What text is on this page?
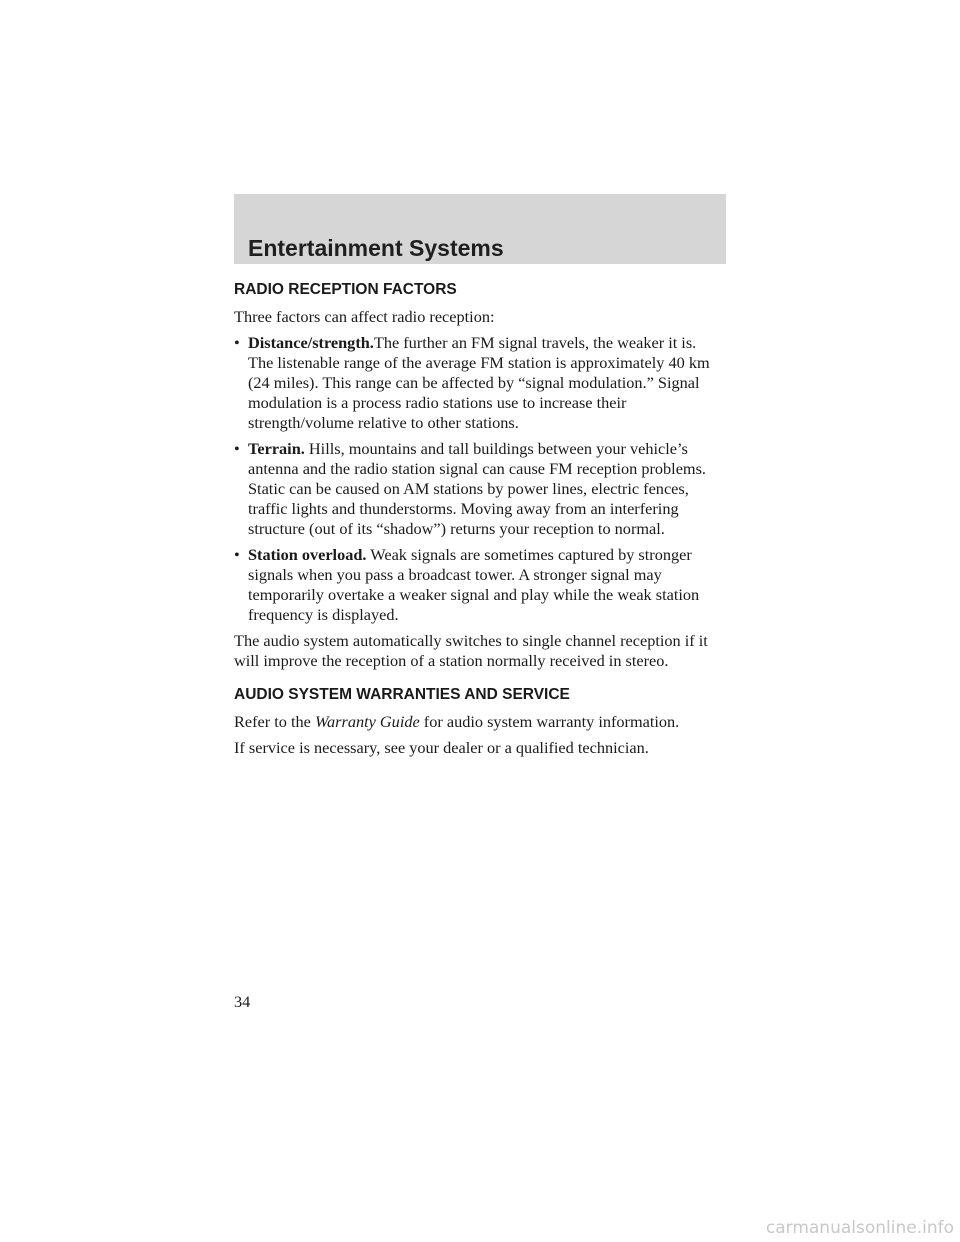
Entertainment Systems
RADIO RECEPTION FACTORS
Three factors can affect radio reception:
• Distance/strength.The further an FM signal travels, the weaker it is.
The listenable range of the average FM station is approximately 40 km
(24 miles). This range can be affected by “signal modulation.” Signal
modulation is a process radio stations use to increase their
strength/volume relative to other stations.
• Terrain. Hills, mountains and tall buildings between your vehicle’s
antenna and the radio station signal can cause FM reception problems.
Static can be caused on AM stations by power lines, electric fences,
traffic lights and thunderstorms. Moving away from an interfering
structure (out of its “shadow”) returns your reception to normal.
• Station overload. Weak signals are sometimes captured by stronger
signals when you pass a broadcast tower. A stronger signal may
temporarily overtake a weaker signal and play while the weak station
frequency is displayed.
The audio system automatically switches to single channel reception if it
will improve the reception of a station normally received in stereo.
AUDIO SYSTEM WARRANTIES AND SERVICE
Refer to the Warranty Guide for audio system warranty information.
If service is necessary, see your dealer or a qualified technician.
34
carmanualsonline.info
